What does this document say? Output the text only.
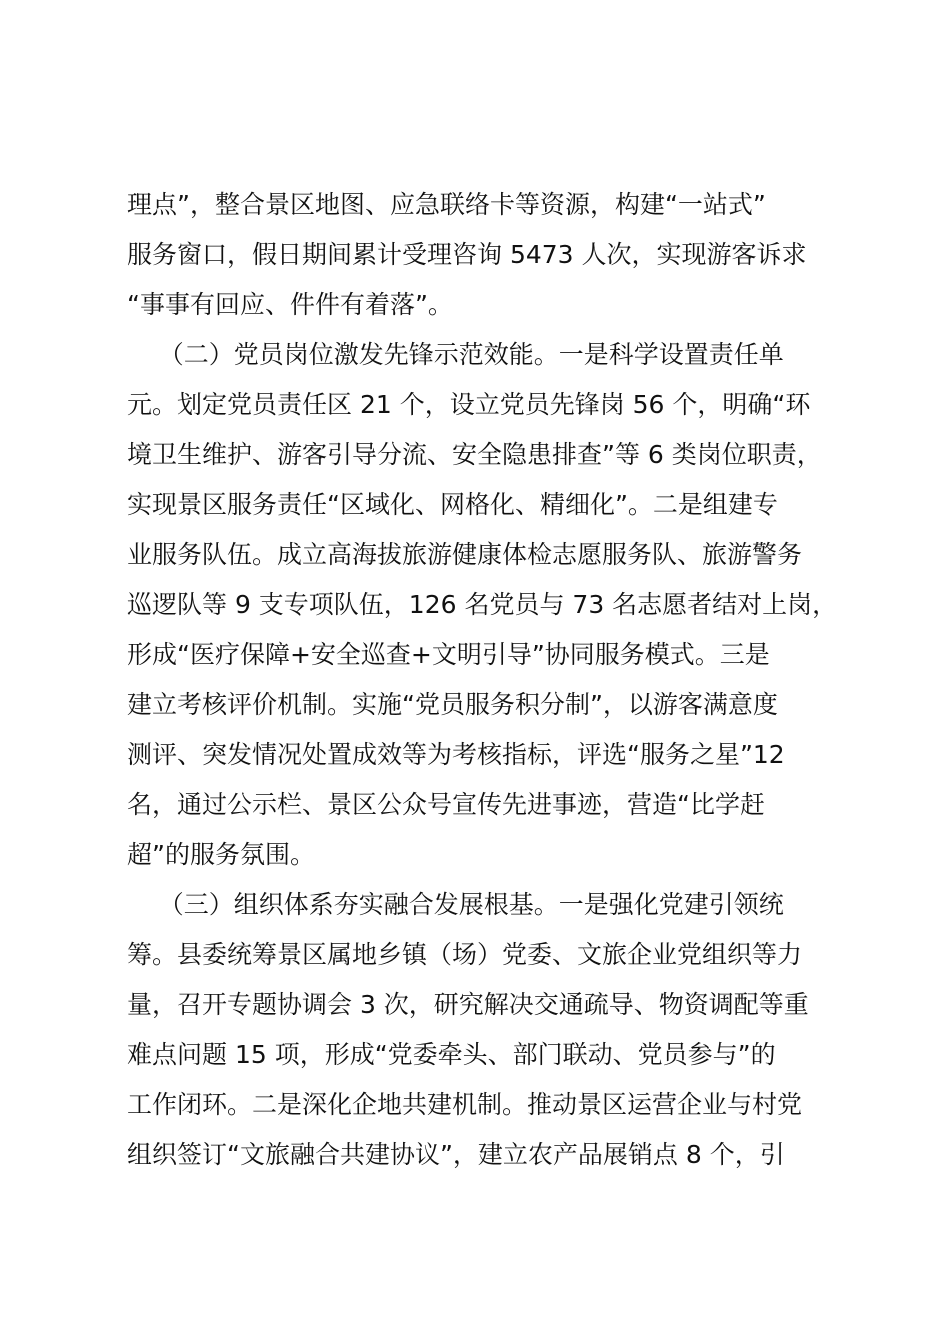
理点”，整合景区地图、应急联络卡等资源，构建“一站式”
服务窗口，假日期间累计受理咨询 5473 人次，实现游客诉求
“事事有回应、件件有着落”。
（二）党员岗位激发先锋示范效能。一是科学设置责任单
元。划定党员责任区 21 个，设立党员先锋岗 56 个，明确“环
境卫生维护、游客引导分流、安全隐患排查”等 6 类岗位职责，
实现景区服务责任“区域化、网格化、精细化”。二是组建专
业服务队伍。成立高海拔旅游健康体检志愿服务队、旅游警务
巡逻队等 9 支专项队伍，126 名党员与 73 名志愿者结对上岗，
形成“医疗保障+安全巡查+文明引导”协同服务模式。三是
建立考核评价机制。实施“党员服务积分制”，以游客满意度
测评、突发情况处置成效等为考核指标，评选“服务之星”12
名，通过公示栏、景区公众号宣传先进事迹，营造“比学赶
超”的服务氛围。
（三）组织体系夯实融合发展根基。一是强化党建引领统
筹。县委统筹景区属地乡镇（场）党委、文旅企业党组织等力
量，召开专题协调会 3 次，研究解决交通疏导、物资调配等重
难点问题 15 项，形成“党委牵头、部门联动、党员参与”的
工作闭环。二是深化企地共建机制。推动景区运营企业与村党
组织签订“文旅融合共建协议”，建立农产品展销点 8 个，引
